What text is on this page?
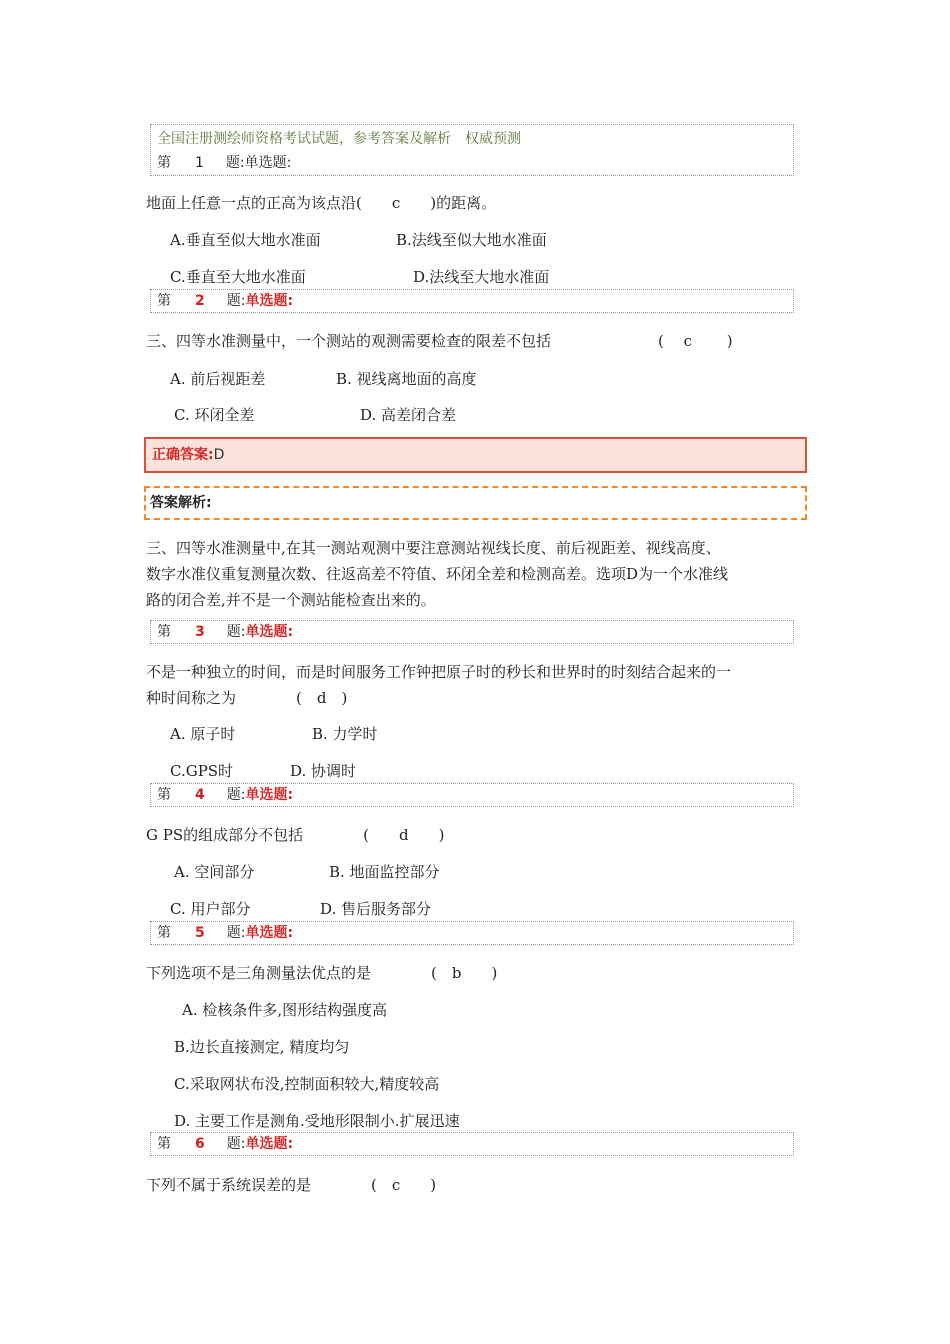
全国注册测绘师资格考试试题，参考答案及解析　权威预测
第 1 题:单选题:
地面上任意一点的正高为该点沿(　　c　　)的距离。
A.垂直至似大地水准面	B.法线至似大地水准面
C.垂直至大地水准面	D.法线至大地水准面
第 2 题:单选题:
三、四等水准测量中，一个测站的观测需要检查的限差不包括	(　 c　　 )
A. 前后视距差	B. 视线离地面的高度
C. 环闭全差	D. 高差闭合差
正确答案:D
答案解析:
三、四等水准测量中,在其一测站观测中要注意测站视线长度、前后视距差、视线高度、
数字水准仪重复测量次数、往返高差不符值、环闭全差和检测高差。选项D为一个水准线
路的闭合差,并不是一个测站能检查出来的。
第 3 题:单选题:
不是一种独立的时间，而是时间服务工作钟把原子时的秒长和世界时的时刻结合起来的一
种时间称之为　　　　(　d　)
A. 原子时	B. 力学时
C.GPS时	D. 协调时
第 4 题:单选题:
G PS的组成部分不包括　　　　(　　d　　)
A. 空间部分	B. 地面监控部分
C. 用户部分	D. 售后服务部分
第 5 题:单选题:
下列选项不是三角测量法优点的是　　　　(　b　　)
A. 检核条件多,图形结构强度高
B.边长直接测定, 精度均匀
C.采取网状布没,控制面积较大,精度较高
D. 主要工作是测角.受地形限制小.扩展迅速
第 6 题:单选题:
下列不属于系统误差的是　　　　(　c　　)
